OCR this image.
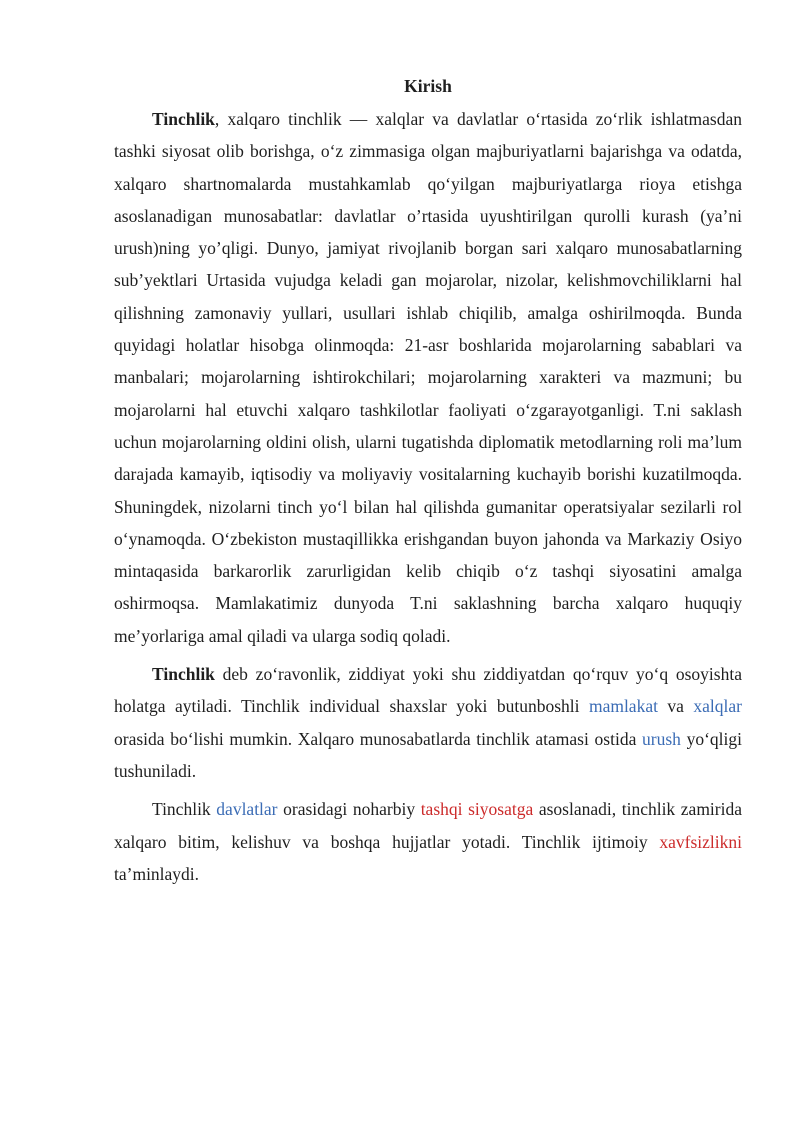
Kirish

Tinchlik, xalqaro tinchlik — xalqlar va davlatlar o‘rtasida zo‘rlik ishlatmasdan tashki siyosat olib borishga, o‘z zimmasiga olgan majburiyatlarni bajarishga va odatda, xalqaro shartnomalarda mustahkamlab qo‘yilgan majburiyatlarga rioya etishga asoslanadigan munosabatlar: davlatlar o’rtasida uyushtirilgan qurolli kurash (ya’ni urush)ning yo’qligi. Dunyo, jamiyat rivojlanib borgan sari xalqaro munosabatlarning sub’yektlari Urtasida vujudga keladi gan mojarolar, nizolar, kelishmovchiliklarni hal qilishning zamonaviy yullari, usullari ishlab chiqilib, amalga oshirilmoqda. Bunda quyidagi holatlar hisobga olinmoqda: 21-asr boshlarida mojarolarning sabablari va manbalari; mojarolarning ishtirokchilari; mojarolarning xarakteri va mazmuni; bu mojarolarni hal etuvchi xalqaro tashkilotlar faoliyati o‘zgarayotganligi. T.ni saklash uchun mojarolarning oldini olish, ularni tugatishda diplomatik metodlarning roli ma’lum darajada kamayib, iqtisodiy va moliyaviy vositalarning kuchayib borishi kuzatilmoqda. Shuningdek, nizolarni tinch yo‘l bilan hal qilishda gumanitar operatsiyalar sezilarli rol o‘ynamoqda. O‘zbekiston mustaqillikka erishgandan buyon jahonda va Markaziy Osiyo mintaqasida barkarorlik zarurligidan kelib chiqib o‘z tashqi siyosatini amalga oshirmoqsa. Mamlakatimiz dunyoda T.ni saklashning barcha xalqaro huquqiy me’yorlariga amal qiladi va ularga sodiq qoladi.

Tinchlik deb zo‘ravonlik, ziddiyat yoki shu ziddiyatdan qo‘rquv yo‘q osoyishta holatga aytiladi. Tinchlik individual shaxslar yoki butunboshli mamlakat va xalqlar orasida bo‘lishi mumkin. Xalqaro munosabatlarda tinchlik atamasi ostida urush yo‘qligi tushuniladi.

Tinchlik davlatlar orasidagi noharbiy tashqi siyosatga asoslanadi, tinchlik zamirida xalqaro bitim, kelishuv va boshqa hujjatlar yotadi. Tinchlik ijtimoiy xavfsizlikni ta’minlaydi.
